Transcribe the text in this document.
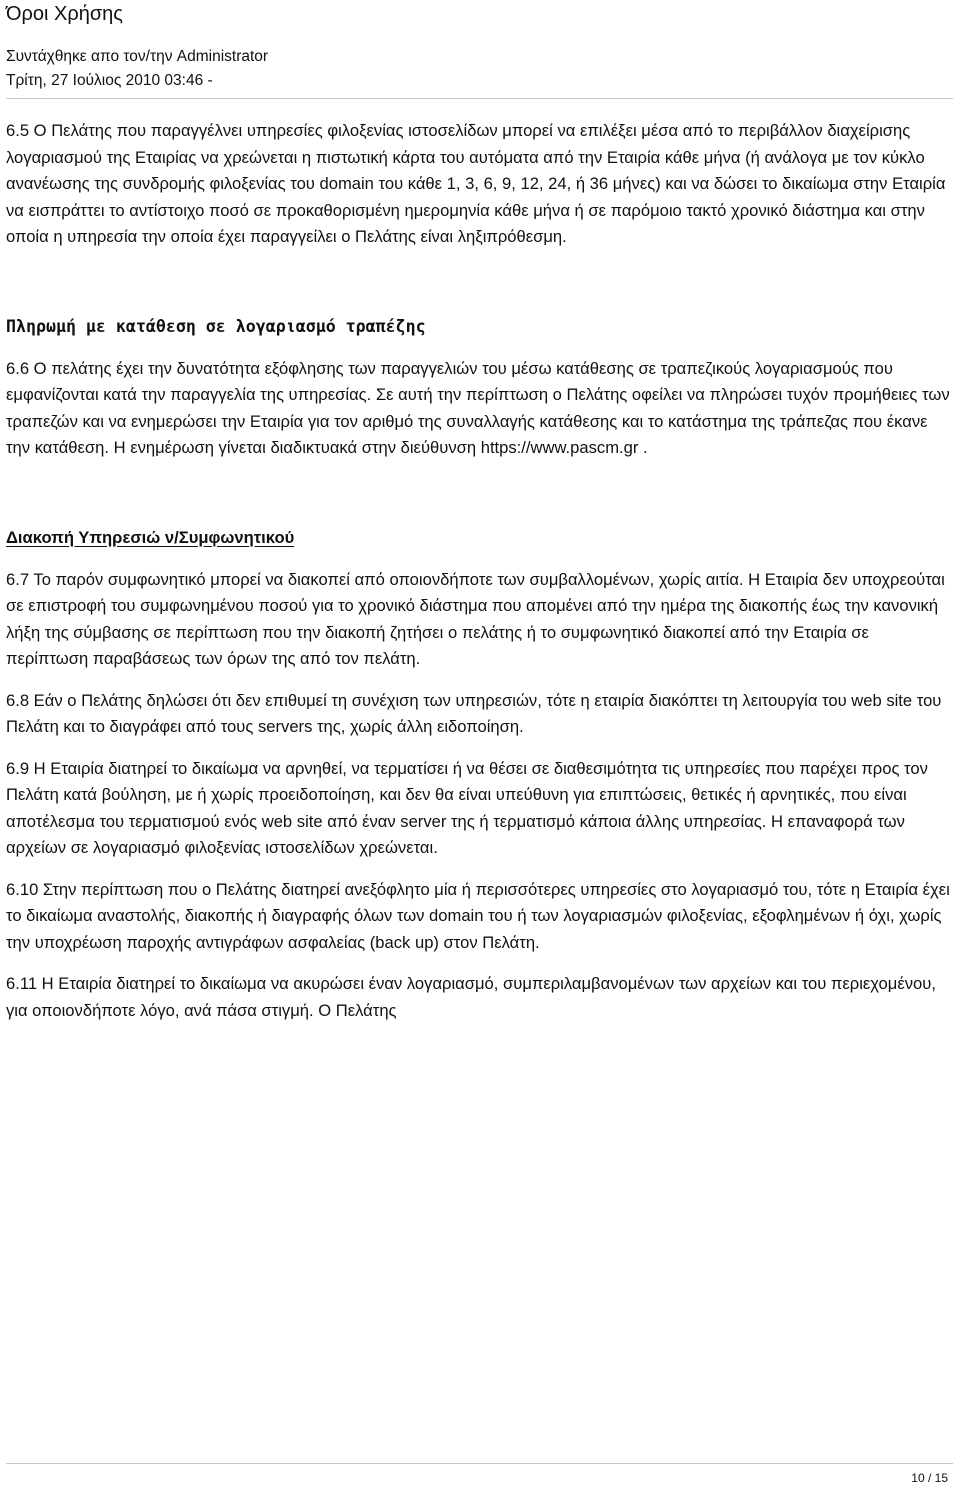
Όροι Χρήσης
Συντάχθηκε απο τον/την Administrator
Τρίτη, 27 Ιούλιος 2010 03:46 -

6.5 Ο Πελάτης που παραγγέλνει υπηρεσίες φιλοξενίας ιστοσελίδων μπορεί να επιλέξει μέσα από το περιβάλλον διαχείρισης λογαριασμού της Εταιρίας να χρεώνεται η πιστωτική κάρτα του αυτόματα από την Εταιρία κάθε μήνα (ή ανάλογα με τον κύκλο ανανέωσης της συνδρομής φιλοξενίας του domain του κάθε 1, 3, 6, 9, 12, 24, ή 36 μήνες) και να δώσει το δικαίωμα στην Εταιρία να εισπράττει το αντίστοιχο ποσό σε προκαθορισμένη ημερομηνία κάθε μήνα ή σε παρόμοιο τακτό χρονικό διάστημα και στην οποία η υπηρεσία την οποία έχει παραγγείλει ο Πελάτης είναι ληξιπρόθεσμη.

Πληρωμή με κατάθεση σε λογαριασμό τραπέζης

6.6 Ο πελάτης έχει την δυνατότητα εξόφλησης των παραγγελιών του μέσω κατάθεσης σε τραπεζικούς λογαριασμούς που εμφανίζονται κατά την παραγγελία της υπηρεσίας. Σε αυτή την περίπτωση ο Πελάτης οφείλει να πληρώσει τυχόν προμήθειες των τραπεζών και να ενημερώσει την Εταιρία για τον αριθμό της συναλλαγής κατάθεσης και το κατάστημα της τράπεζας που έκανε την κατάθεση. Η ενημέρωση γίνεται διαδικτυακά στην διεύθυνση https://www.pascm.gr .

Διακοπή Υπηρεσιώ ν/Συμφωνητικού

6.7 Το παρόν συμφωνητικό μπορεί να διακοπεί από οποιονδήποτε των συμβαλλομένων, χωρίς αιτία. Η Εταιρία δεν υποχρεούται σε επιστροφή του συμφωνημένου ποσού για το χρονικό διάστημα που απομένει από την ημέρα της διακοπής έως την κανονική λήξη της σύμβασης σε περίπτωση που την διακοπή ζητήσει ο πελάτης ή το συμφωνητικό διακοπεί από την Εταιρία σε περίπτωση παραβάσεως των όρων της από τον πελάτη.

6.8 Εάν ο Πελάτης δηλώσει ότι δεν επιθυμεί τη συνέχιση των υπηρεσιών, τότε η εταιρία διακόπτει τη λειτουργία του web site του Πελάτη και το διαγράφει από τους servers της, χωρίς άλλη ειδοποίηση.

6.9 Η Εταιρία διατηρεί το δικαίωμα να αρνηθεί, να τερματίσει ή να θέσει σε διαθεσιμότητα τις υπηρεσίες που παρέχει προς τον Πελάτη κατά βούληση, με ή χωρίς προειδοποίηση, και δεν θα είναι υπεύθυνη για επιπτώσεις, θετικές ή αρνητικές, που είναι αποτέλεσμα του τερματισμού ενός web site από έναν server της ή τερματισμό κάποια άλλης υπηρεσίας. Η επαναφορά των αρχείων σε λογαριασμό φιλοξενίας ιστοσελίδων χρεώνεται.

6.10 Στην περίπτωση που ο Πελάτης διατηρεί ανεξόφλητο μία ή περισσότερες υπηρεσίες στο λογαριασμό του, τότε η Εταιρία έχει το δικαίωμα αναστολής, διακοπής ή διαγραφής όλων των domain του ή των λογαριασμών φιλοξενίας, εξοφλημένων ή όχι, χωρίς την υποχρέωση παροχής αντιγράφων ασφαλείας (back up) στον Πελάτη.

6.11 Η Εταιρία διατηρεί το δικαίωμα να ακυρώσει έναν λογαριασμό, συμπεριλαμβανομένων των αρχείων και του περιεχομένου, για οποιονδήποτε λόγο, ανά πάσα στιγμή. Ο Πελάτης

10 / 15
